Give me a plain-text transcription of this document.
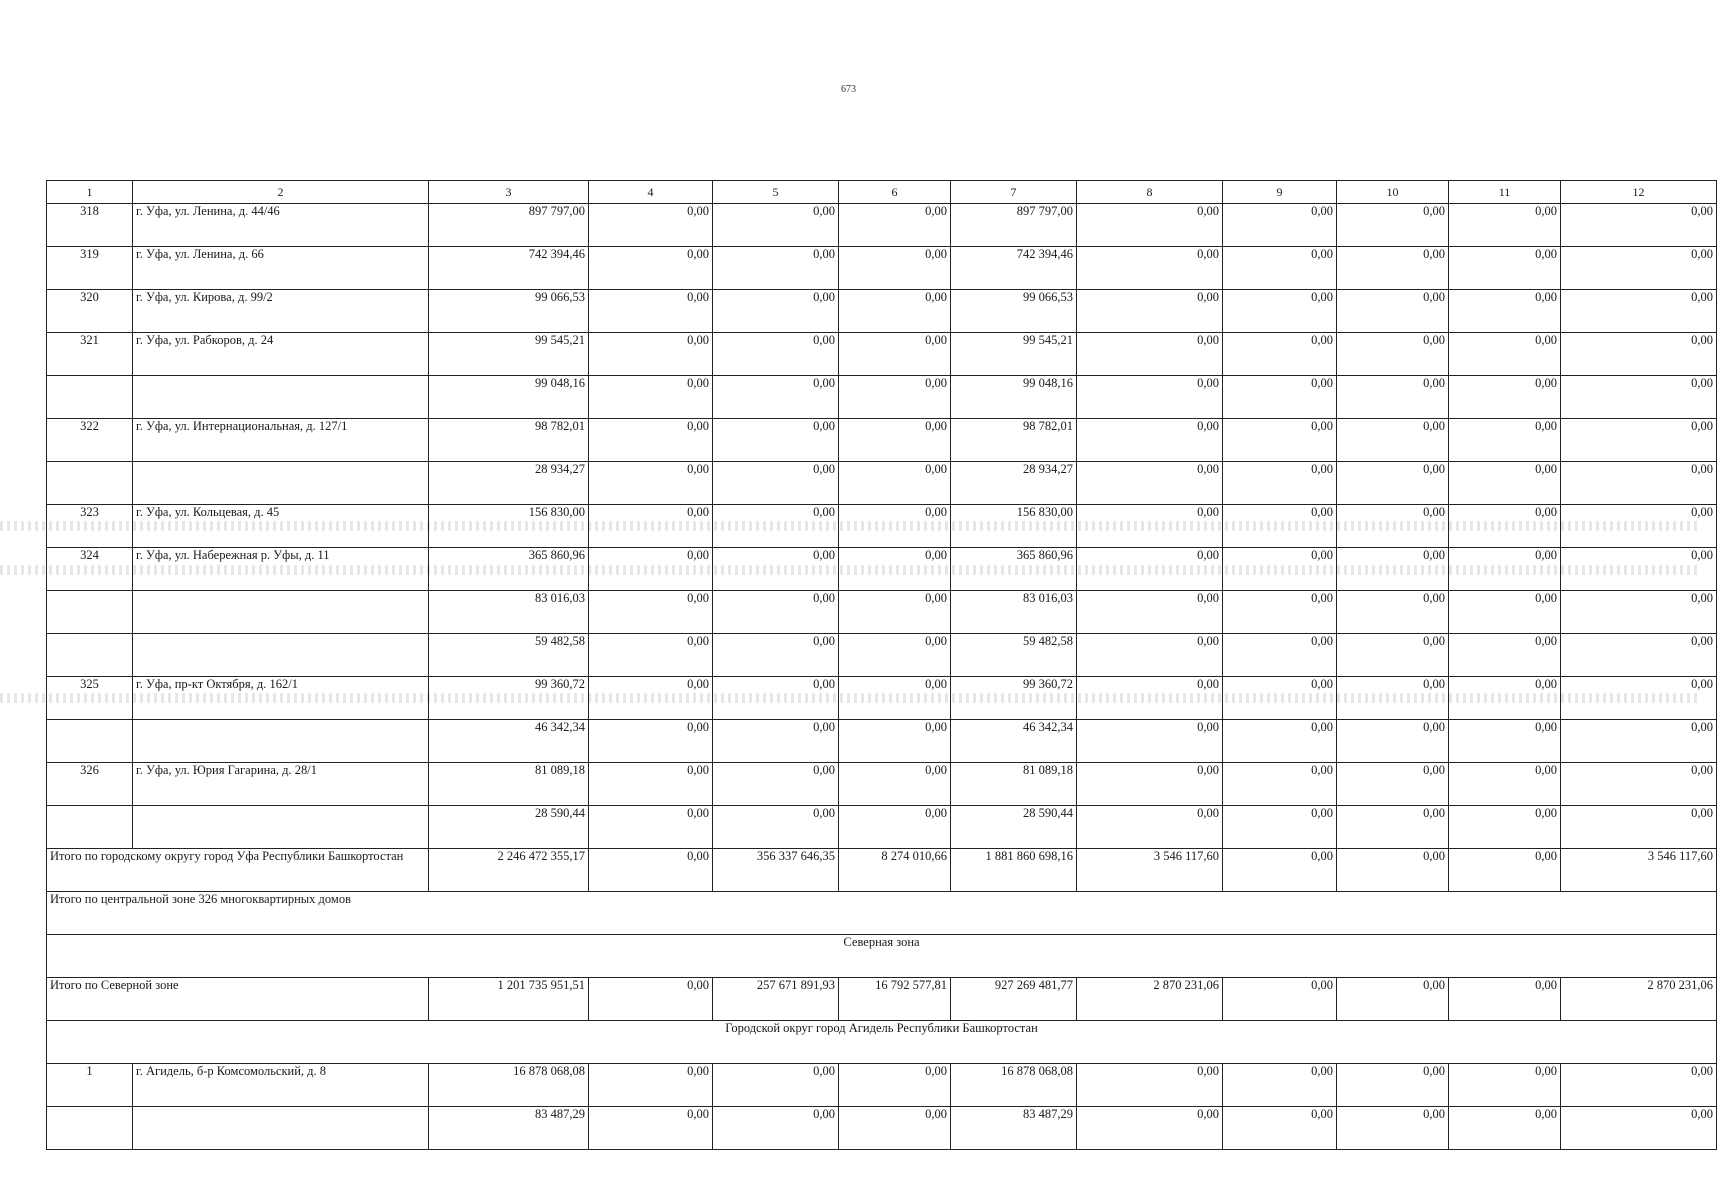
673
1	2	3	4	5	6	7	8	9	10	11	12
318	г. Уфа, ул. Ленина, д. 44/46	897 797,00	0,00	0,00	0,00	897 797,00	0,00	0,00	0,00	0,00	0,00
319	г. Уфа, ул. Ленина, д. 66	742 394,46	0,00	0,00	0,00	742 394,46	0,00	0,00	0,00	0,00	0,00
320	г. Уфа, ул. Кирова, д. 99/2	99 066,53	0,00	0,00	0,00	99 066,53	0,00	0,00	0,00	0,00	0,00
321	г. Уфа, ул. Рабкоров, д. 24	99 545,21	0,00	0,00	0,00	99 545,21	0,00	0,00	0,00	0,00	0,00
		99 048,16	0,00	0,00	0,00	99 048,16	0,00	0,00	0,00	0,00	0,00
322	г. Уфа, ул. Интернациональная, д. 127/1	98 782,01	0,00	0,00	0,00	98 782,01	0,00	0,00	0,00	0,00	0,00
		28 934,27	0,00	0,00	0,00	28 934,27	0,00	0,00	0,00	0,00	0,00
323	г. Уфа, ул. Кольцевая, д. 45	156 830,00	0,00	0,00	0,00	156 830,00	0,00	0,00	0,00	0,00	0,00
324	г. Уфа, ул. Набережная р. Уфы, д. 11	365 860,96	0,00	0,00	0,00	365 860,96	0,00	0,00	0,00	0,00	0,00
		83 016,03	0,00	0,00	0,00	83 016,03	0,00	0,00	0,00	0,00	0,00
		59 482,58	0,00	0,00	0,00	59 482,58	0,00	0,00	0,00	0,00	0,00
325	г. Уфа, пр-кт Октября, д. 162/1	99 360,72	0,00	0,00	0,00	99 360,72	0,00	0,00	0,00	0,00	0,00
		46 342,34	0,00	0,00	0,00	46 342,34	0,00	0,00	0,00	0,00	0,00
326	г. Уфа, ул. Юрия Гагарина, д. 28/1	81 089,18	0,00	0,00	0,00	81 089,18	0,00	0,00	0,00	0,00	0,00
		28 590,44	0,00	0,00	0,00	28 590,44	0,00	0,00	0,00	0,00	0,00
Итого по городскому округу город Уфа Республики Башкортостан		2 246 472 355,17	0,00	356 337 646,35	8 274 010,66	1 881 860 698,16	3 546 117,60	0,00	0,00	0,00	3 546 117,60
Итого по центральной зоне 326 многоквартирных домов											
Северная зона											
Итого по Северной зоне		1 201 735 951,51	0,00	257 671 891,93	16 792 577,81	927 269 481,77	2 870 231,06	0,00	0,00	0,00	2 870 231,06
Городской округ город Агидель Республики Башкортостан											
1	г. Агидель, б-р Комсомольский, д. 8	16 878 068,08	0,00	0,00	0,00	16 878 068,08	0,00	0,00	0,00	0,00	0,00
		83 487,29	0,00	0,00	0,00	83 487,29	0,00	0,00	0,00	0,00	0,00
